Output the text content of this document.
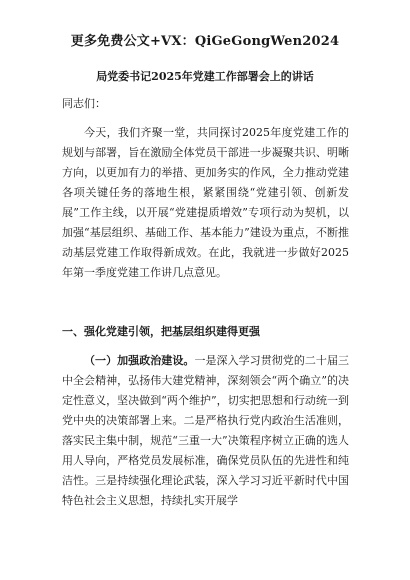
更多免费公文+VX：QiGeGongWen2024
局党委书记2025年党建工作部署会上的讲话
同志们：
今天，我们齐聚一堂，共同探讨2025年度党建工作的规划与部署，旨在激励全体党员干部进一步凝聚共识、明晰方向，以更加有力的举措、更加务实的作风，全力推动党建各项关键任务的落地生根，紧紧围绕“党建引领、创新发展”工作主线，以开展“党建提质增效”专项行动为契机，以加强“基层组织、基础工作、基本能力”建设为重点，不断推动基层党建工作取得新成效。在此，我就进一步做好2025年第一季度党建工作讲几点意见。
一、强化党建引领，把基层组织建得更强
（一）加强政治建设。一是深入学习贯彻党的二十届三中全会精神，弘扬伟大建党精神，深刻领会“两个确立”的决定性意义，坚决做到“两个维护”，切实把思想和行动统一到党中央的决策部署上来。二是严格执行党内政治生活准则，落实民主集中制，规范“三重一大”决策程序树立正确的选人用人导向，严格党员发展标准，确保党员队伍的先进性和纯洁性。三是持续强化理论武装，深入学习习近平新时代中国特色社会主义思想，持续扎实开展学
